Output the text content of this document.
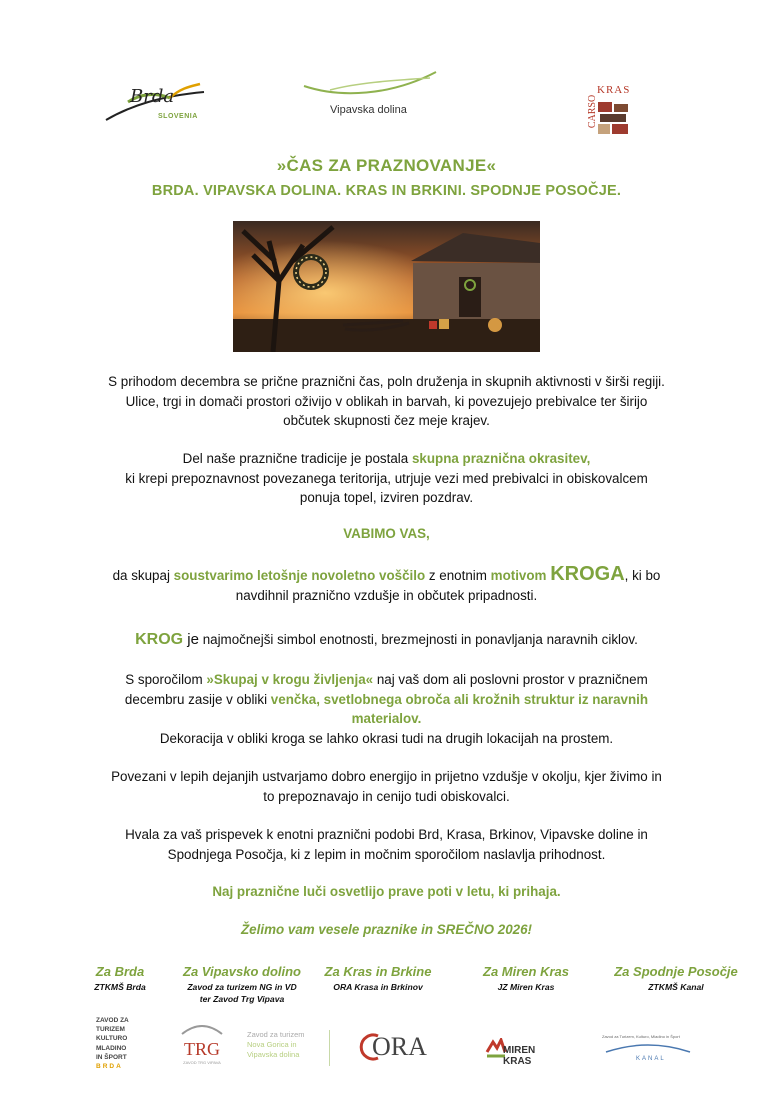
Brda
SLOVENIA
Vipavska dolina
KRAS
CARSO
»ČAS ZA PRAZNOVANJE«
BRDA. VIPAVSKA DOLINA. KRAS IN BRKINI. SPODNJE POSOČJE.
S prihodom decembra se prične praznični čas, poln druženja in skupnih aktivnosti v širši regiji.
Ulice, trgi in domači prostori oživijo v oblikah in barvah, ki povezujejo prebivalce ter širijo
občutek skupnosti čez meje krajev.
Del naše praznične tradicije je postala skupna praznična okrasitev,
ki krepi prepoznavnost povezanega teritorija, utrjuje vezi med prebivalci in obiskovalcem
ponuja topel, izviren pozdrav.
VABIMO VAS,
da skupaj soustvarimo letošnje novoletno voščilo z enotnim motivom KROGA, ki bo
navdihnil praznično vzdušje in občutek pripadnosti.
KROG je najmočnejši simbol enotnosti, brezmejnosti in ponavljanja naravnih ciklov.
S sporočilom »Skupaj v krogu življenja« naj vaš dom ali poslovni prostor v prazničnem
decembru zasije v obliki venčka, svetlobnega obroča ali krožnih struktur iz naravnih
materialov.
Dekoracija v obliki kroga se lahko okrasi tudi na drugih lokacijah na prostem.
Povezani v lepih dejanjih ustvarjamo dobro energijo in prijetno vzdušje v okolju, kjer živimo in
to prepoznavajo in cenijo tudi obiskovalci.
Hvala za vaš prispevek k enotni praznični podobi Brd, Krasa, Brkinov, Vipavske doline in
Spodnjega Posočja, ki z lepim in močnim sporočilom naslavlja prihodnost.
Naj praznične luči osvetlijo prave poti v letu, ki prihaja.
Želimo vam vesele praznike in SREČNO 2026!
Za Brda
ZTKMŠ Brda
Za Vipavsko dolino
Zavod za turizem NG in VD
ter Zavod Trg Vipava
Za Kras in Brkine
ORA Krasa in Brkinov
Za Miren Kras
JZ Miren Kras
Za Spodnje Posočje
ZTKMŠ Kanal
ZAVOD ZA
TURIZEM
KULTURO
MLADINO
IN ŠPORT
BRDA
TRG
ZAVOD TRG VIPAVA
Zavod za turizem
Nova Gorica in
Vipavska dolina	ORA	MIREN KRAS
Zavod za Turizem, Kulturo, Mladino in Šport
KANAL
